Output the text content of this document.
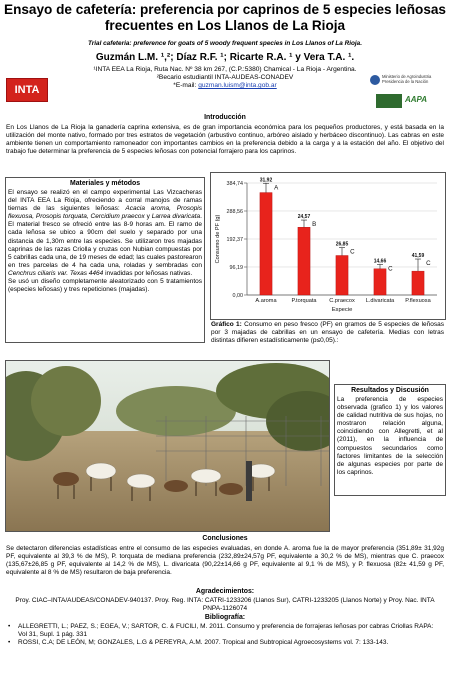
Ensayo de cafetería: preferencia por caprinos de 5 especies leñosas frecuentes en Los Llanos de La Rioja
Trial cafeteria: preference for goats of 5 woody frequent species in Los Llanos of La Rioja.
Guzmán L.M. ¹,²; Díaz R.F. ¹; Ricarte R.A. ¹ y Vera T.A. ¹.
¹INTA EEA La Rioja, Ruta Nac. Nº 38 km 267, (C.P.:5380) Chamical - La Rioja - Argentina.
²Becario estudiantil INTA-AUDEAS-CONADEV
*E-mail: guzman.luism@inta.gob.ar
INTA
Ministerio de Agroindustria Presidencia de la Nación
AAPA
Introducción
En Los Llanos de La Rioja la ganadería caprina extensiva, es de gran importancia económica para los pequeños productores, y está basada en la utilización del monte nativo, formado por tres estratos de vegetación (arbustivo continuo, arbóreo aislado y herbáceo discontinuo). Las cabras en este ambiente tienen un comportamiento ramoneador con importantes cambios en la preferencia debido a la carga y a la estación del año. El objetivo del trabajo fue determinar la preferencia de 5 especies leñosas con potencial forrajero para los caprinos.
Materiales y métodos

El ensayo se realizó en el campo experimental Las Vizcacheras del INTA EEA La Rioja, ofreciendo a corral manojos de ramas tiernas de las siguientes leñosas: Acacia aroma, Prosopis flexuosa, Prosopis torquata, Cercidium praecox y Larrea divaricata. El material fresco se ofreció entre las 8-9 horas am. El ramo de cada leñosa se ubico a 90cm del suelo y separado por una distancia de 1,30m entre las especies. Se utilizaron tres majadas caprinas de las razas Criolla y cruzas con Nubian compuestas por 5 cabrillas cada una, de 19 meses de edad; las cuales pastorearon en tres parcelas de 4 ha cada una, roladas y sembradas con Cenchrus ciliaris var. Texas 4464 invadidas por leñosas nativas.

Se usó un diseño completamente aleatorizado con 5 tratamientos (especies leñosas) y tres repeticiones (majadas).

0,00
96,19
192,37
288,56
384,74
31,92
A
A.aroma
24,57
B
P.torquata
26,85
C
C.praecox
14,66
C
L.divaricata
41,59
C
P.flexuosa
Especie
Consumo de PF (g)
Gráfico 1: Consumo en peso fresco (PF) en gramos de 5 especies de leñosas por 3 majadas de cabrillas en un ensayo de cafetería. Medias con letras distintas difieren estadísticamente (p≤0,05).:
Resultados y Discusión
La preferencia de especies observada (grafico 1) y los valores de calidad nutritiva de sus hojas, no mostraron relación alguna, coincidiendo con Allegretti, et al (2011), en la influencia de compuestos secundarios como factores limitantes de la selección de algunas especies por parte de los caprinos.
Conclusiones
Se detectaron diferencias estadísticas entre el consumo de las especies evaluadas, en donde A. aroma fue la de mayor preferencia (351,89± 31,92g PF, equivalente al 39,3 % de MS), P. torquata de mediana preferencia (232,89±24,57g PF, equivalente a 30,2 % de MS), mientras que C. praecox (135,67±26,85 g PF, equivalente al 14,2 % de MS), L. divaricata (90,22±14,66 g PF, equivalente al 9,1 % de MS), y P. flexuosa (82± 41,59 g PF, equivalente al 8 % de MS) resultaron de baja preferencia.
Agradecimientos:
Proy. CIAC–INTA/AUDEAS/CONADEV-940137. Proy. Reg. INTA: CATRI-1233206 (Llanos Sur), CATRI-1233205 (Llanos Norte) y Proy. Nac. INTA PNPA-1126074
Bibliografía:
• ALLEGRETTI, L.; PAEZ, S.; EGEA, V.; SARTOR, C. & FUCILI, M. 2011. Consumo y preferencia de forrajeras leñosas por cabras Criollas RAPA: Vol 31, Supl. 1 pág. 331
• ROSSI, C.A; DE LEÓN, M; GONZALES, L.G & PEREYRA, A.M. 2007. Tropical and Subtropical Agroecosystems vol. 7: 133-143.
